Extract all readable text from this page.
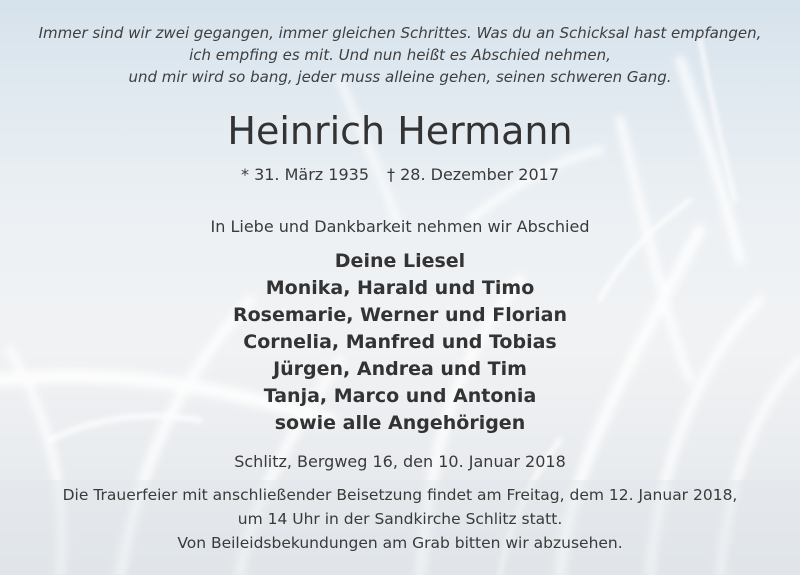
Immer sind wir zwei gegangen, immer gleichen Schrittes. Was du an Schicksal hast empfangen,
ich empfing es mit. Und nun heißt es Abschied nehmen,
und mir wird so bang, jeder muss alleine gehen, seinen schweren Gang.
Heinrich Hermann
* 31. März 1935 † 28. Dezember 2017
In Liebe und Dankbarkeit nehmen wir Abschied
Deine Liesel
Monika, Harald und Timo
Rosemarie, Werner und Florian
Cornelia, Manfred und Tobias
Jürgen, Andrea und Tim
Tanja, Marco und Antonia
sowie alle Angehörigen
Schlitz, Bergweg 16, den 10. Januar 2018
Die Trauerfeier mit anschließender Beisetzung findet am Freitag, dem 12. Januar 2018,
um 14 Uhr in der Sandkirche Schlitz statt.
Von Beileidsbekundungen am Grab bitten wir abzusehen.
